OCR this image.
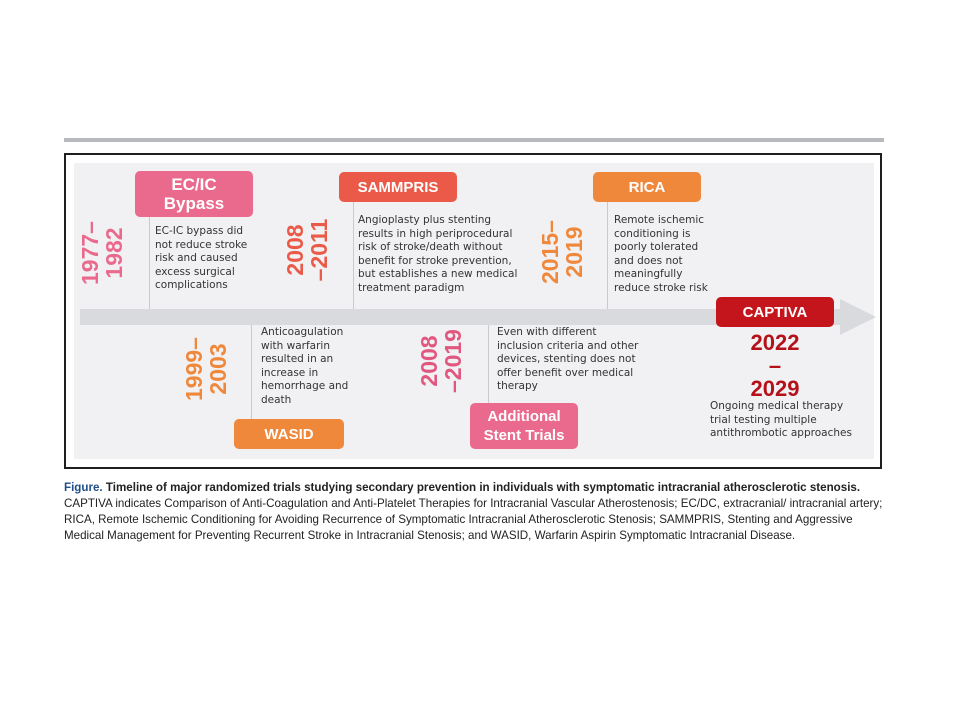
1977–
1982
EC/IC
Bypass
EC-IC bypass did
not reduce stroke
risk and caused
excess surgical
complications
2008
–2011
SAMMPRIS
Angioplasty plus stenting
results in high periprocedural
risk of stroke/death without
benefit for stroke prevention,
but establishes a new medical
treatment paradigm
2015–
2019
RICA
Remote ischemic
conditioning is
poorly tolerated
and does not
meaningfully
reduce stroke risk
1999–
2003
Anticoagulation
with warfarin
resulted in an
increase in
hemorrhage and
death
WASID
2008
–2019	Even with different
inclusion criteria and other
devices, stenting does not
offer benefit over medical
therapy
Additional
Stent Trials
CAPTIVA
2022
–
2029
Ongoing medical therapy
trial testing multiple
antithrombotic approaches
Figure. Timeline of major randomized trials studying secondary prevention in individuals with symptomatic intracranial atherosclerotic stenosis.
CAPTIVA indicates Comparison of Anti-Coagulation and Anti-Platelet Therapies for Intracranial Vascular Atherostenosis; EC/DC, extracranial/ intracranial artery; RICA, Remote Ischemic Conditioning for Avoiding Recurrence of Symptomatic Intracranial Atherosclerotic Stenosis; SAMMPRIS, Stenting and Aggressive Medical Management for Preventing Recurrent Stroke in Intracranial Stenosis; and WASID, Warfarin Aspirin Symptomatic Intracranial Disease.
